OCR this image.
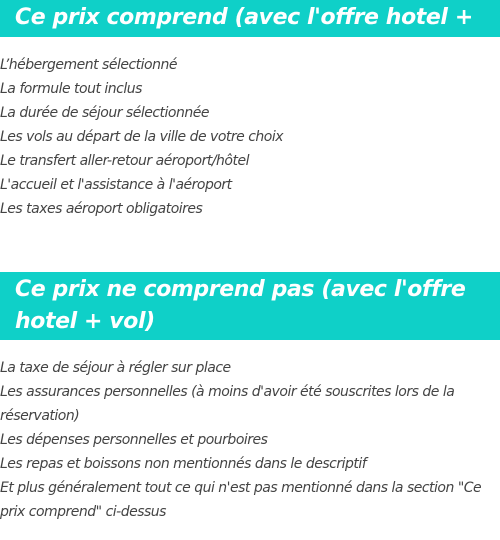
Ce prix comprend (avec l'offre hotel + vol)
L’hébergement sélectionné
La formule tout inclus
La durée de séjour sélectionnée
Les vols au départ de la ville de votre choix
Le transfert aller-retour aéroport/hôtel
L'accueil et l'assistance à l'aéroport
Les taxes aéroport obligatoires
Ce prix ne comprend pas (avec l'offre hotel + vol)
La taxe de séjour à régler sur place
Les assurances personnelles (à moins d'avoir été souscrites lors de la réservation)
Les dépenses personnelles et pourboires
Les repas et boissons non mentionnés dans le descriptif
Et plus généralement tout ce qui n'est pas mentionné dans la section "Ce prix comprend" ci-dessus
